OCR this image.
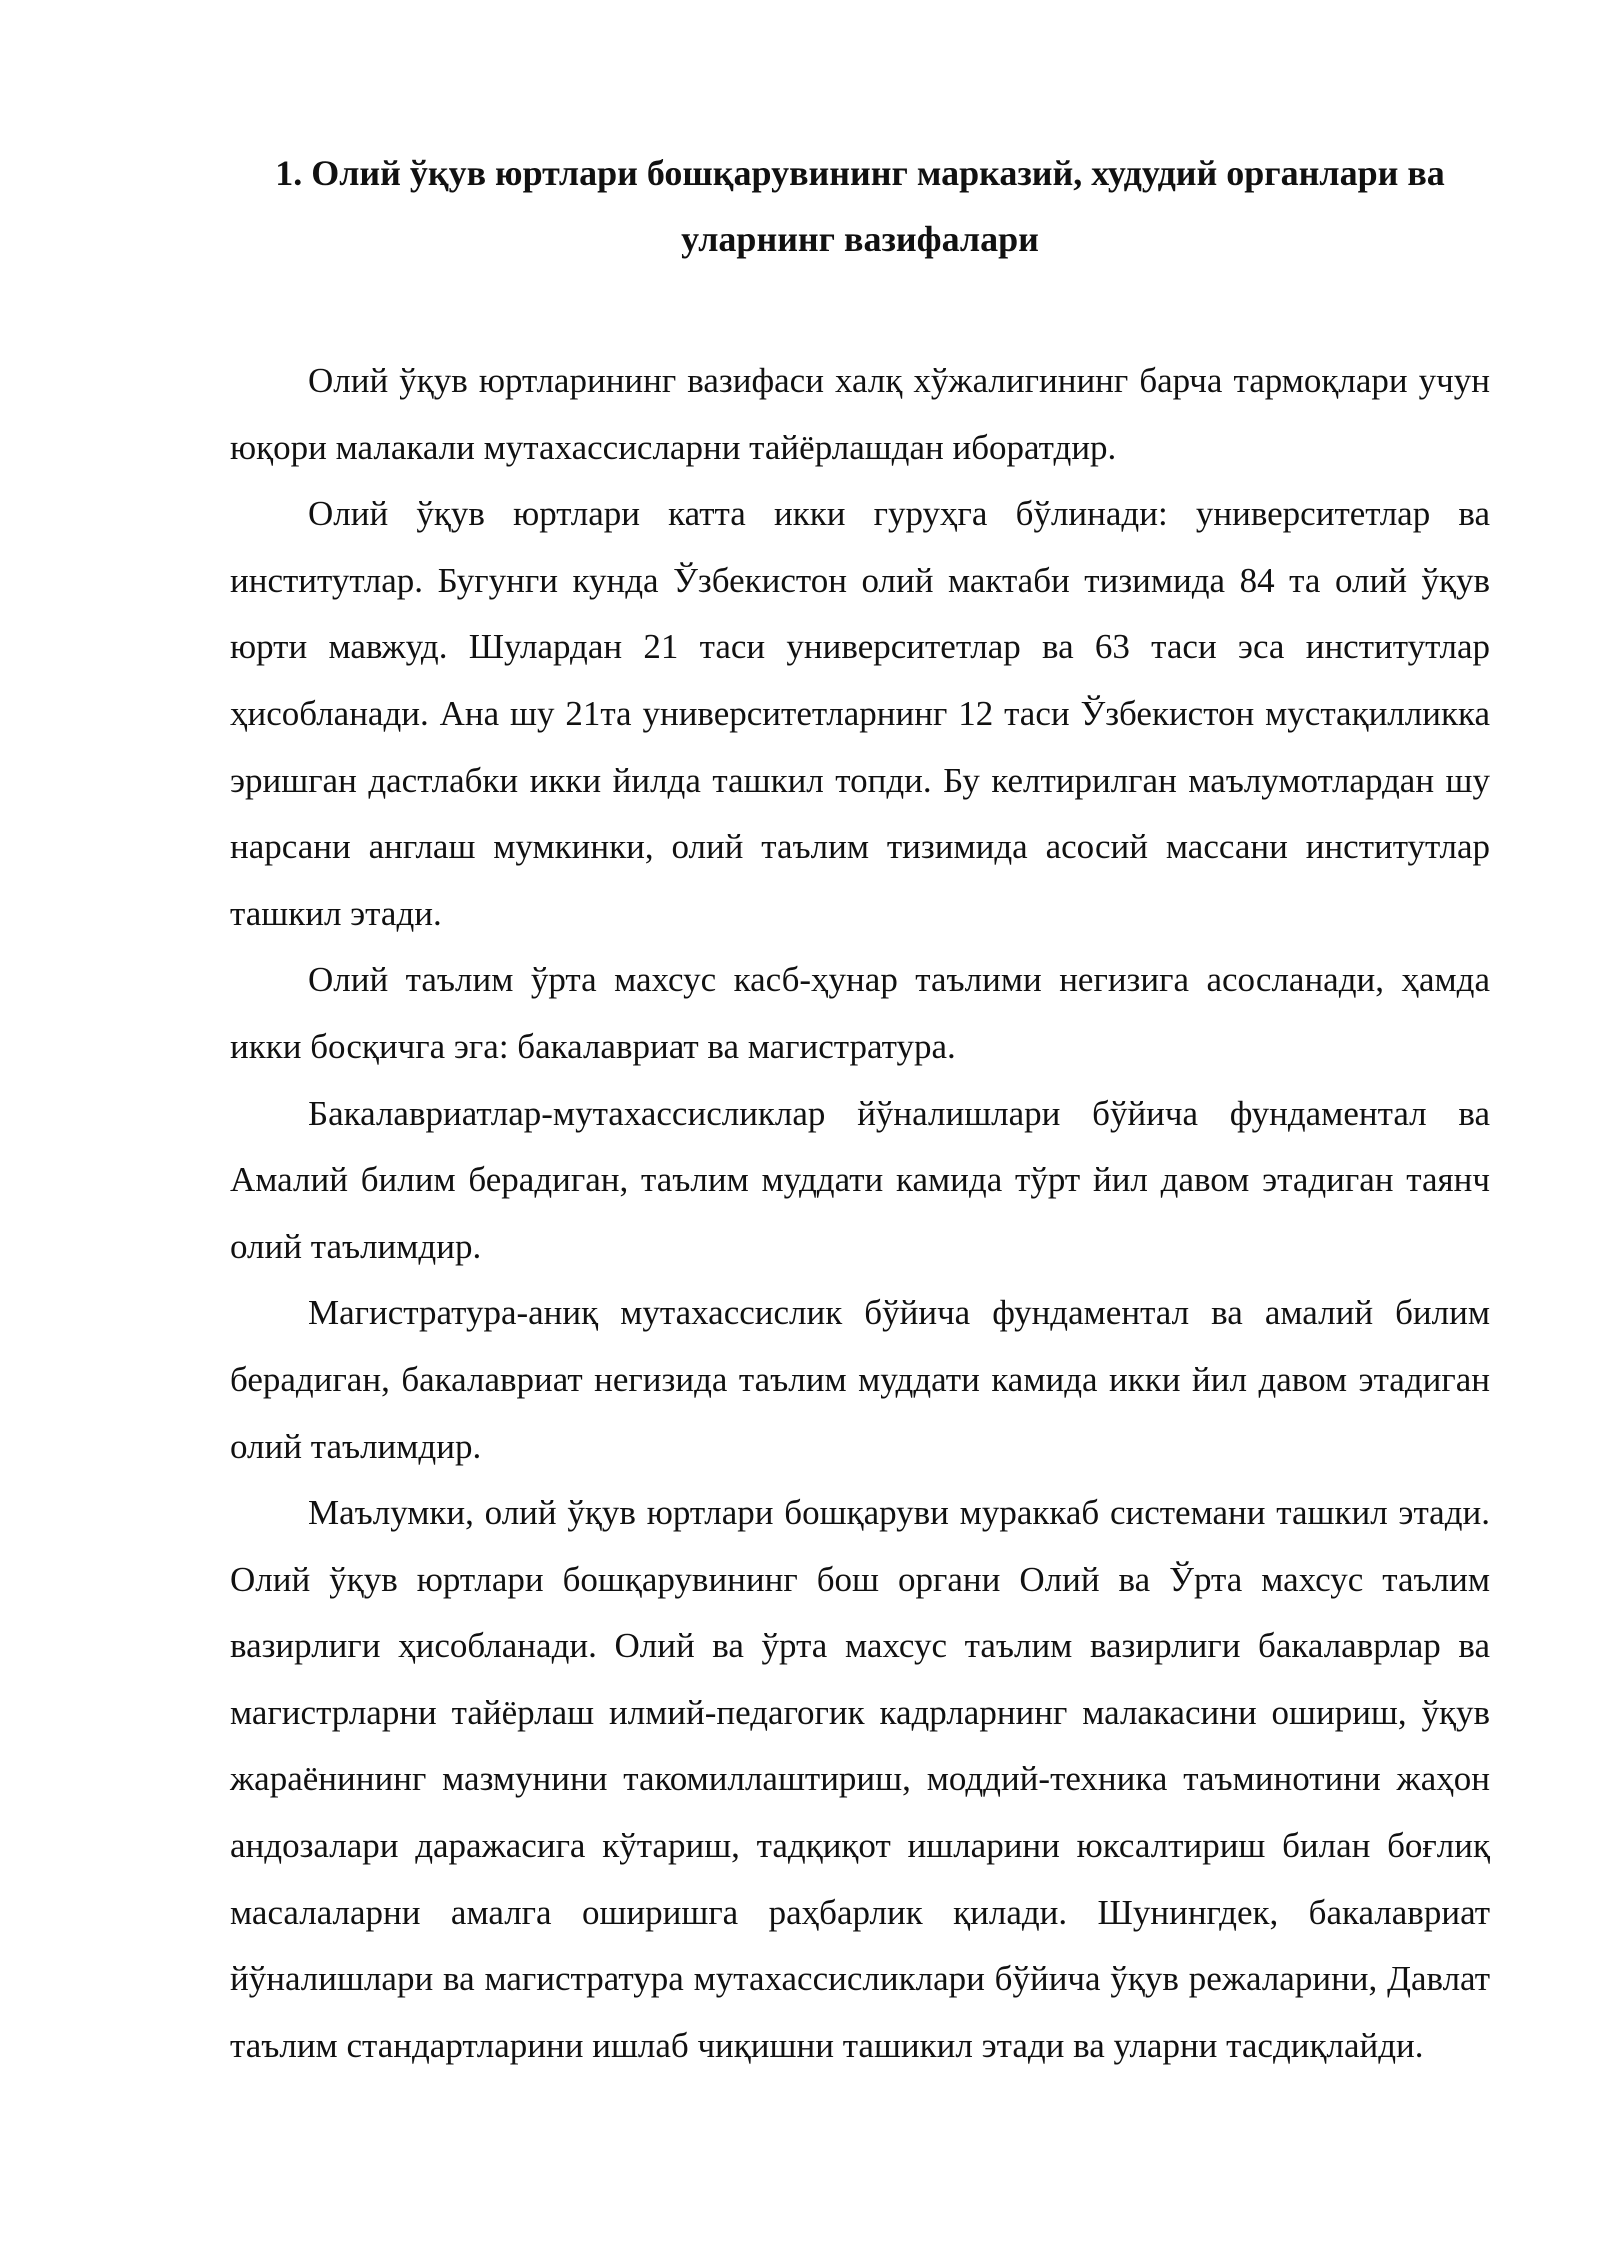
1. Олий ўқув юртлари бошқарувининг марказий, худудий органлари ва уларнинг вазифалари

Олий ўқув юртларининг вазифаси халқ хўжалигининг барча тармоқлари учун юқори малакали мутахассисларни тайёрлашдан иборатдир.

Олий ўқув юртлари катта икки гуруҳга бўлинади: университетлар ва институтлар. Бугунги кунда Ўзбекистон олий мактаби тизимида 84 та олий ўқув юрти мавжуд. Шулардан 21 таси университетлар ва 63 таси эса институтлар ҳисобланади. Ана шу 21та университетларнинг 12 таси Ўзбекистон мустақилликка эришган дастлабки икки йилда ташкил топди. Бу келтирилган маълумотлардан шу нарсани англаш мумкинки, олий таълим тизимида асосий массани институтлар ташкил этади.

Олий таълим ўрта махсус касб-ҳунар таълими негизига асосланади, ҳамда икки босқичга эга: бакалавриат ва магистратура.

Бакалавриатлар-мутахассисликлар йўналишлари бўйича фундаментал ва Амалий билим берадиган, таълим муддати камида тўрт йил давом этадиган таянч олий таълимдир.

Магистратура-аниқ мутахассислик бўйича фундаментал ва амалий билим берадиган, бакалавриат негизида таълим муддати камида икки йил давом этадиган олий таълимдир.

Маълумки, олий ўқув юртлари бошқаруви мураккаб системани ташкил этади. Олий ўқув юртлари бошқарувининг бош органи Олий ва Ўрта махсус таълим вазирлиги ҳисобланади. Олий ва ўрта махсус таълим вазирлиги бакалаврлар ва магистрларни тайёрлаш илмий-педагогик кадрларнинг малакасини ошириш, ўқув жараёнининг мазмунини такомиллаштириш, моддий-техника таъминотини жаҳон андозалари даражасига кўтариш, тадқиқот ишларини юксалтириш билан боғлиқ масалаларни амалга оширишга раҳбарлик қилади. Шунингдек, бакалавриат йўналишлари ва магистратура мутахассисликлари бўйича ўқув режаларини, Давлат таълим стандартларини ишлаб чиқишни ташикил этади ва уларни тасдиқлайди.
